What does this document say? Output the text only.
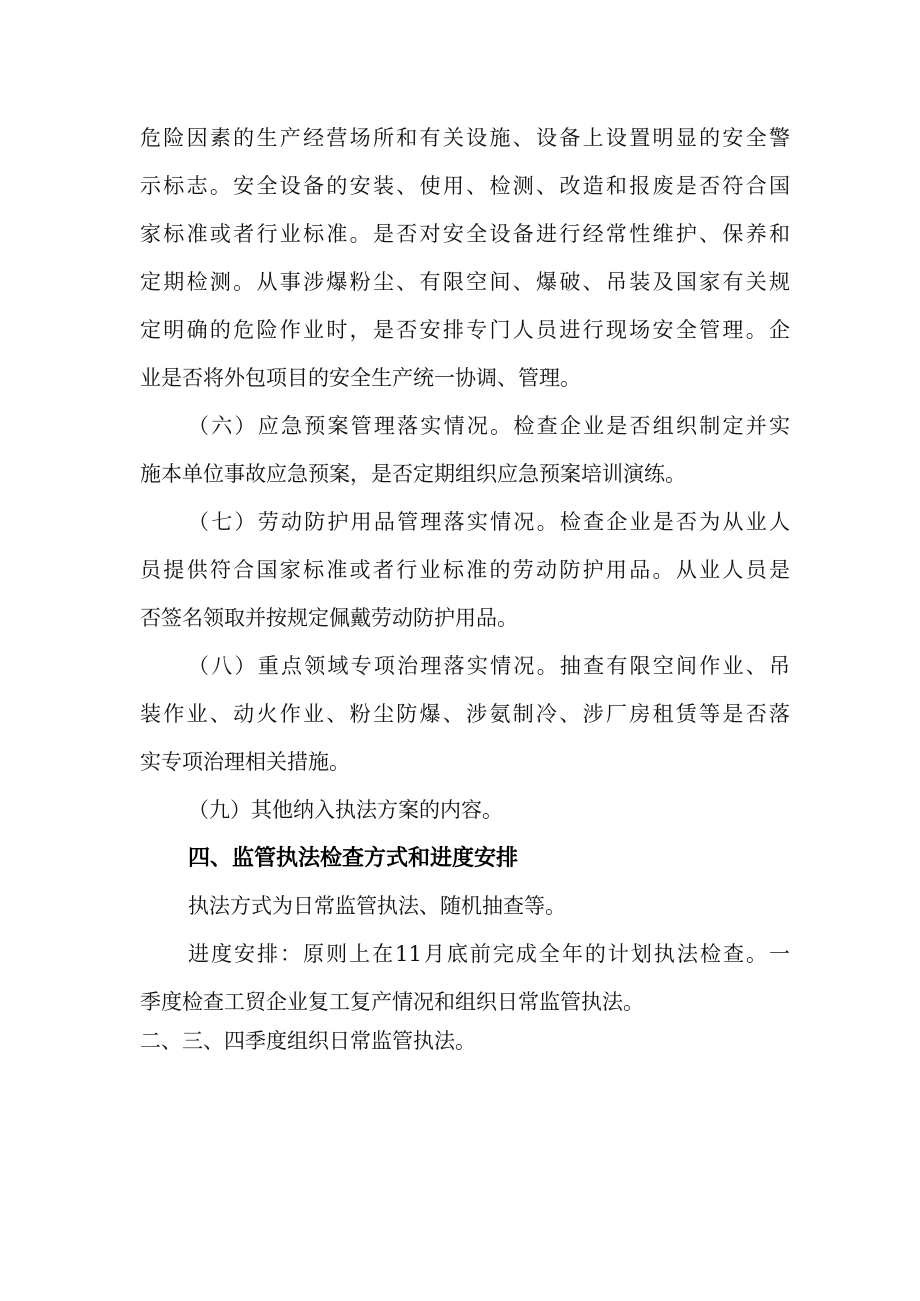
危险因素的生产经营场所和有关设施、设备上设置明显的安全警
示标志。安全设备的安装、使用、检测、改造和报废是否符合国
家标准或者行业标准。是否对安全设备进行经常性维护、保养和
定期检测。从事涉爆粉尘、有限空间、爆破、吊装及国家有关规
定明确的危险作业时，是否安排专门人员进行现场安全管理。企
业是否将外包项目的安全生产统一协调、管理。
（六）应急预案管理落实情况。检查企业是否组织制定并实
施本单位事故应急预案，是否定期组织应急预案培训演练。
（七）劳动防护用品管理落实情况。检查企业是否为从业人
员提供符合国家标准或者行业标准的劳动防护用品。从业人员是
否签名领取并按规定佩戴劳动防护用品。
（八）重点领域专项治理落实情况。抽查有限空间作业、吊
装作业、动火作业、粉尘防爆、涉氨制冷、涉厂房租赁等是否落
实专项治理相关措施。
（九）其他纳入执法方案的内容。
四、监管执法检查方式和进度安排
执法方式为日常监管执法、随机抽查等。
进度安排：原则上在11月底前完成全年的计划执法检查。一
季度检查工贸企业复工复产情况和组织日常监管执法。
二、三、四季度组织日常监管执法。
